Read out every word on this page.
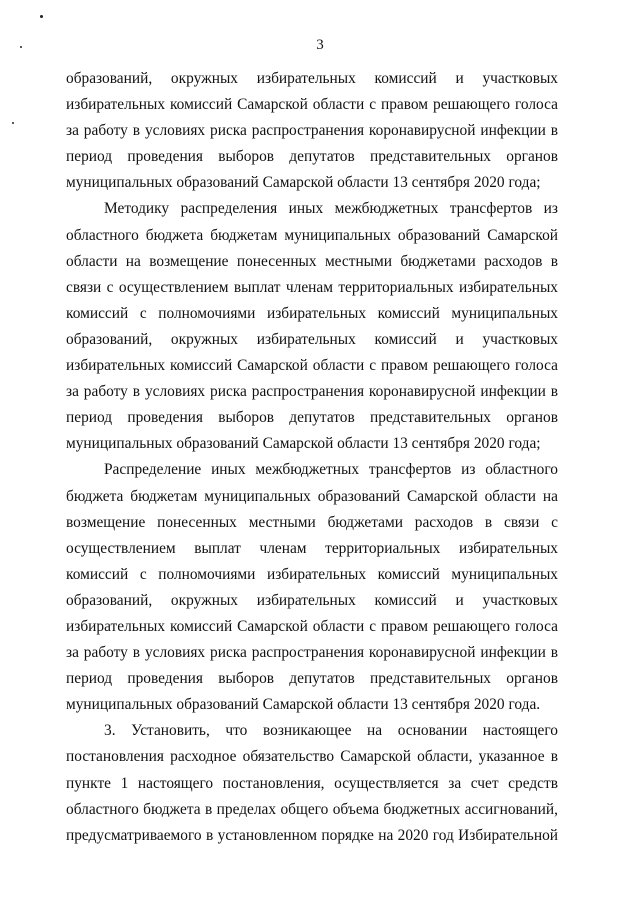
3

образований, окружных избирательных комиссий и участковых избирательных комиссий Самарской области с правом решающего голоса за работу в условиях риска распространения коронавирусной инфекции в период проведения выборов депутатов представительных органов муниципальных образований Самарской области 13 сентября 2020 года;

Методику распределения иных межбюджетных трансфертов из областного бюджета бюджетам муниципальных образований Самарской области на возмещение понесенных местными бюджетами расходов в связи с осуществлением выплат членам территориальных избирательных комиссий с полномочиями избирательных комиссий муниципальных образований, окружных избирательных комиссий и участковых избирательных комиссий Самарской области с правом решающего голоса за работу в условиях риска распространения коронавирусной инфекции в период проведения выборов депутатов представительных органов муниципальных образований Самарской области 13 сентября 2020 года;

Распределение иных межбюджетных трансфертов из областного бюджета бюджетам муниципальных образований Самарской области на возмещение понесенных местными бюджетами расходов в связи с осуществлением выплат членам территориальных избирательных комиссий с полномочиями избирательных комиссий муниципальных образований, окружных избирательных комиссий и участковых избирательных комиссий Самарской области с правом решающего голоса за работу в условиях риска распространения коронавирусной инфекции в период проведения выборов депутатов представительных органов муниципальных образований Самарской области 13 сентября 2020 года.

3. Установить, что возникающее на основании настоящего постановления расходное обязательство Самарской области, указанное в пункте 1 настоящего постановления, осуществляется за счет средств областного бюджета в пределах общего объема бюджетных ассигнований, предусматриваемого в установленном порядке на 2020 год Избирательной
